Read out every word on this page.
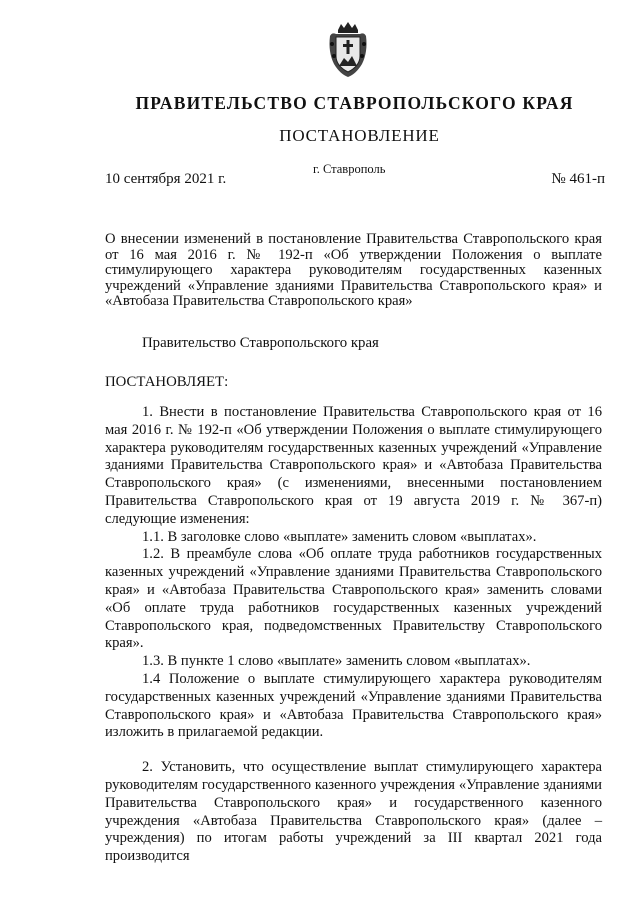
ПРАВИТЕЛЬСТВО СТАВРОПОЛЬСКОГО КРАЯ
ПОСТАНОВЛЕНИЕ
г. Ставрополь
10 сентября 2021 г.	№ 461-п
О внесении изменений в постановление Правительства Ставропольского края от 16 мая 2016 г. № 192-п «Об утверждении Положения о выплате стимулирующего характера руководителям государственных казенных учреждений «Управление зданиями Правительства Ставропольского края» и «Автобаза Правительства Ставропольского края»
Правительство Ставропольского края
ПОСТАНОВЛЯЕТ:

1. Внести в постановление Правительства Ставропольского края от 16 мая 2016 г. № 192-п «Об утверждении Положения о выплате стимулирующего характера руководителям государственных казенных учреждений «Управление зданиями Правительства Ставропольского края» и «Автобаза Правительства Ставропольского края» (с изменениями, внесенными постановлением Правительства Ставропольского края от 19 августа 2019 г. № 367-п) следующие изменения:

1.1. В заголовке слово «выплате» заменить словом «выплатах».

1.2. В преамбуле слова «Об оплате труда работников государственных казенных учреждений «Управление зданиями Правительства Ставропольского края» и «Автобаза Правительства Ставропольского края» заменить словами «Об оплате труда работников государственных казенных учреждений Ставропольского края, подведомственных Правительству Ставропольского края».

1.3. В пункте 1 слово «выплате» заменить словом «выплатах».

1.4 Положение о выплате стимулирующего характера руководителям государственных казенных учреждений «Управление зданиями Правительства Ставропольского края» и «Автобаза Правительства Ставропольского края» изложить в прилагаемой редакции.

2. Установить, что осуществление выплат стимулирующего характера руководителям государственного казенного учреждения «Управление зданиями Правительства Ставропольского края» и государственного казенного учреждения «Автобаза Правительства Ставропольского края» (далее – учреждения) по итогам работы учреждений за III квартал 2021 года производится
